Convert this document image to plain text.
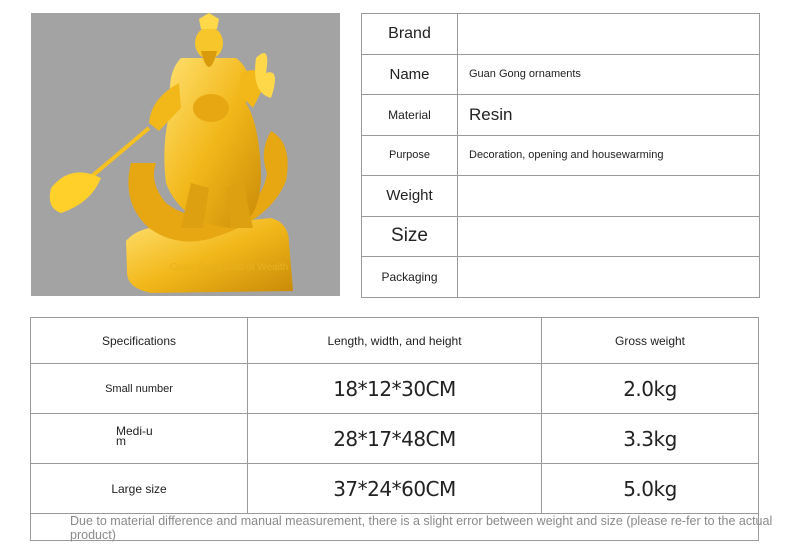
Guan Gong God of Wealth
Brand	
Name	Guan Gong ornaments
Material	Resin
Purpose	Decoration, opening and housewarming
Weight	
Size	
Packaging	
Specifications	Length, width, and height	Gross weight
Small number	18*12*30CM	2.0kg

Medi-um	28*17*48CM	3.3kg
Large size	37*24*60CM	5.0kg
Due to material difference and manual measurement, there is a slight error between weight and size (please re-fer to the actual product)
